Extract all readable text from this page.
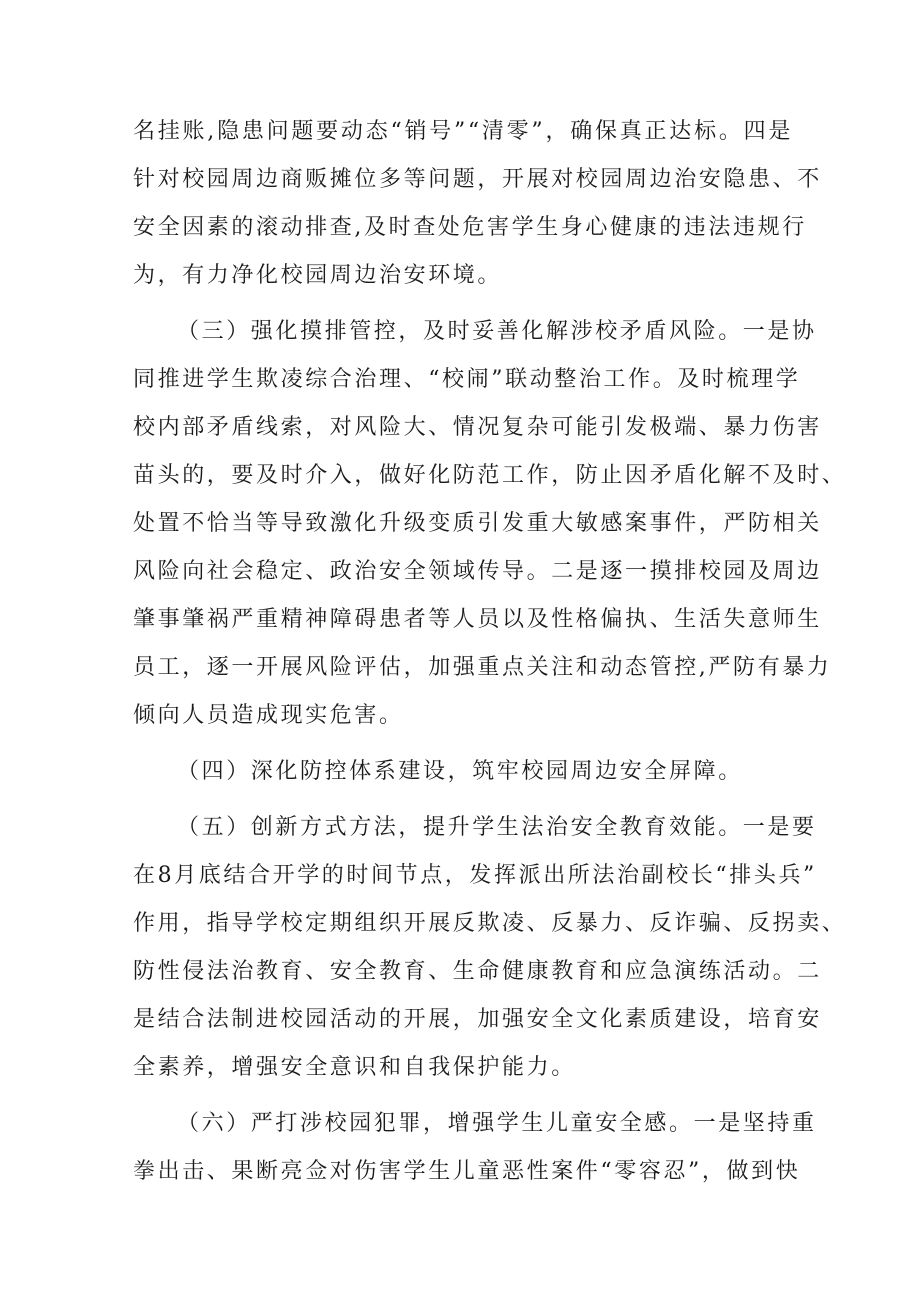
名挂账,隐患问题要动态“销号”“清零”，确保真正达标。四是
针对校园周边商贩摊位多等问题，开展对校园周边治安隐患、不
安全因素的滚动排查,及时查处危害学生身心健康的违法违规行
为，有力净化校园周边治安环境。
（三）强化摸排管控，及时妥善化解涉校矛盾风险。一是协
同推进学生欺凌综合治理、“校闹”联动整治工作。及时梳理学
校内部矛盾线索，对风险大、情况复杂可能引发极端、暴力伤害
苗头的，要及时介入，做好化防范工作，防止因矛盾化解不及时、
处置不恰当等导致激化升级变质引发重大敏感案事件，严防相关
风险向社会稳定、政治安全领域传导。二是逐一摸排校园及周边
肇事肇祸严重精神障碍患者等人员以及性格偏执、生活失意师生
员工，逐一开展风险评估，加强重点关注和动态管控,严防有暴力
倾向人员造成现实危害。
（四）深化防控体系建设，筑牢校园周边安全屏障。
（五）创新方式方法，提升学生法治安全教育效能。一是要
在8月底结合开学的时间节点，发挥派出所法治副校长“排头兵”
作用，指导学校定期组织开展反欺凌、反暴力、反诈骗、反拐卖、
防性侵法治教育、安全教育、生命健康教育和应急演练活动。二
是结合法制进校园活动的开展，加强安全文化素质建设，培育安
全素养，增强安全意识和自我保护能力。
（六）严打涉校园犯罪，增强学生儿童安全感。一是坚持重
拳出击、果断亮佥对伤害学生儿童恶性案件“零容忍”，做到快
